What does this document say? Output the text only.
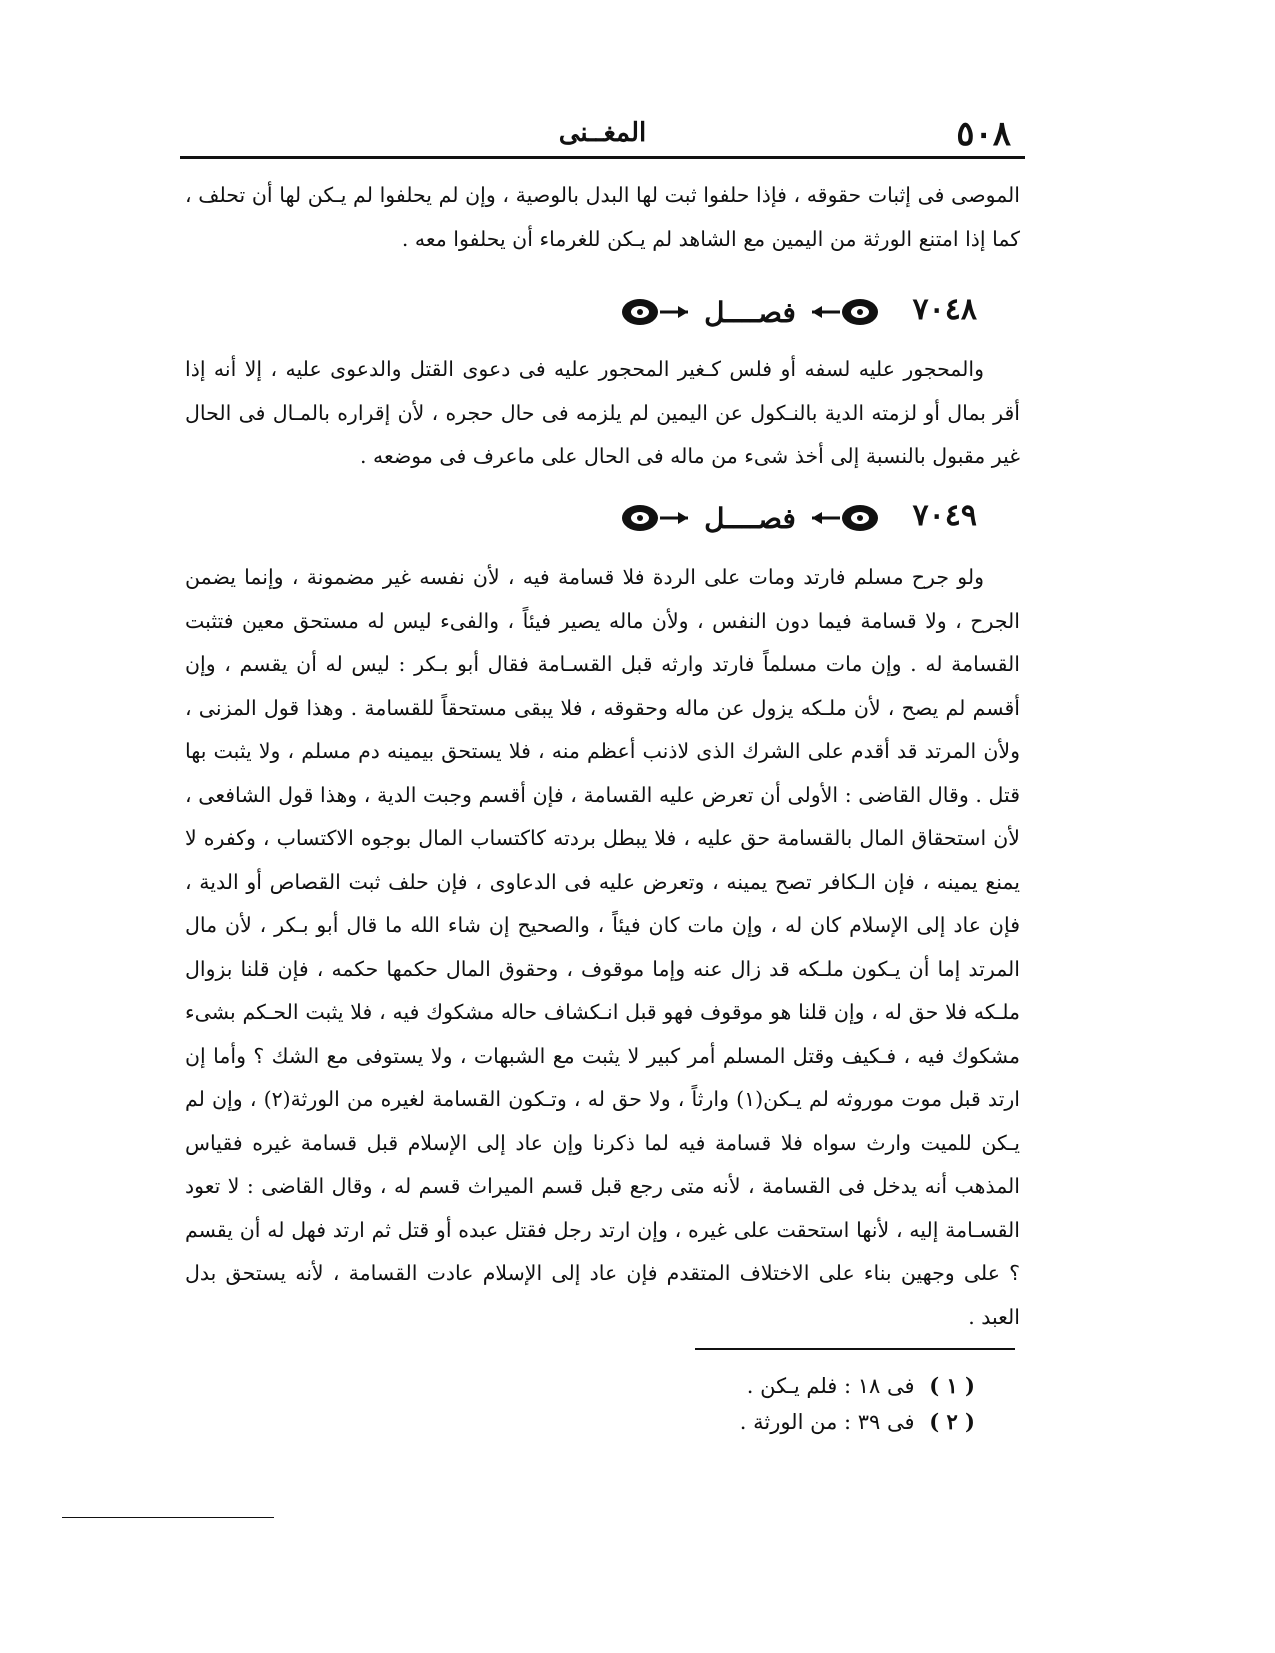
٥٠٨
المغــنى

الموصى فى إثبات حقوقه ، فإذا حلفوا ثبت لها البدل بالوصية ، وإن لم يحلفوا لم يـكن لها أن تحلف ، كما إذا امتنع الورثة من اليمين مع الشاهد لم يـكن للغرماء أن يحلفوا معه .

٧٠٤٨
فصــــل

والمحجور عليه لسفه أو فلس كـغير المحجور عليه فى دعوى القتل والدعوى عليه ، إلا أنه إذا أقر بمال أو لزمته الدية بالنـكول عن اليمين لم يلزمه فى حال حجره ، لأن إقراره بالمـال فى الحال غير مقبول بالنسبة إلى أخذ شىء من ماله فى الحال على ماعرف فى موضعه .

٧٠٤٩
فصــــل

ولو جرح مسلم فارتد ومات على الردة فلا قسامة فيه ، لأن نفسه غير مضمونة ، وإنما يضمن الجرح ، ولا قسامة فيما دون النفس ، ولأن ماله يصير فيئاً ، والفىء ليس له مستحق معين فتثبت القسامة له . وإن مات مسلماً فارتد وارثه قبل القسـامة فقال أبو بـكر : ليس له أن يقسم ، وإن أقسم لم يصح ، لأن ملـكه يزول عن ماله وحقوقه ، فلا يبقى مستحقاً للقسامة . وهذا قول المزنى ، ولأن المرتد قد أقدم على الشرك الذى لاذنب أعظم منه ، فلا يستحق بيمينه دم مسلم ، ولا يثبت بها قتل . وقال القاضى : الأولى أن تعرض عليه القسامة ، فإن أقسم وجبت الدية ، وهذا قول الشافعى ، لأن استحقاق المال بالقسامة حق عليه ، فلا يبطل بردته كاكتساب المال بوجوه الاكتساب ، وكفره لا يمنع يمينه ، فإن الـكافر تصح يمينه ، وتعرض عليه فى الدعاوى ، فإن حلف ثبت القصاص أو الدية ، فإن عاد إلى الإسلام كان له ، وإن مات كان فيئاً ، والصحيح إن شاء الله ما قال أبو بـكر ، لأن مال المرتد إما أن يـكون ملـكه قد زال عنه وإما موقوف ، وحقوق المال حكمها حكمه ، فإن قلنا بزوال ملـكه فلا حق له ، وإن قلنا هو موقوف فهو قبل انـكشاف حاله مشكوك فيه ، فلا يثبت الحـكم بشىء مشكوك فيه ، فـكيف وقتل المسلم أمر كبير لا يثبت مع الشبهات ، ولا يستوفى مع الشك ؟ وأما إن ارتد قبل موت موروثه لم يـكن(١) وارثاً ، ولا حق له ، وتـكون القسامة لغيره من الورثة(٢) ، وإن لم يـكن للميت وارث سواه فلا قسامة فيه لما ذكرنا وإن عاد إلى الإسلام قبل قسامة غيره فقياس المذهب أنه يدخل فى القسامة ، لأنه متى رجع قبل قسم الميراث قسم له ، وقال القاضى : لا تعود القسـامة إليه ، لأنها استحقت على غيره ، وإن ارتد رجل فقتل عبده أو قتل ثم ارتد فهل له أن يقسم ؟ على وجهين بناء على الاختلاف المتقدم فإن عاد إلى الإسلام عادت القسامة ، لأنه يستحق بدل العبد .

( ١ ) فى ١٨ : فلم يـكن .
( ٢ ) فى ٣٩ : من الورثة .
